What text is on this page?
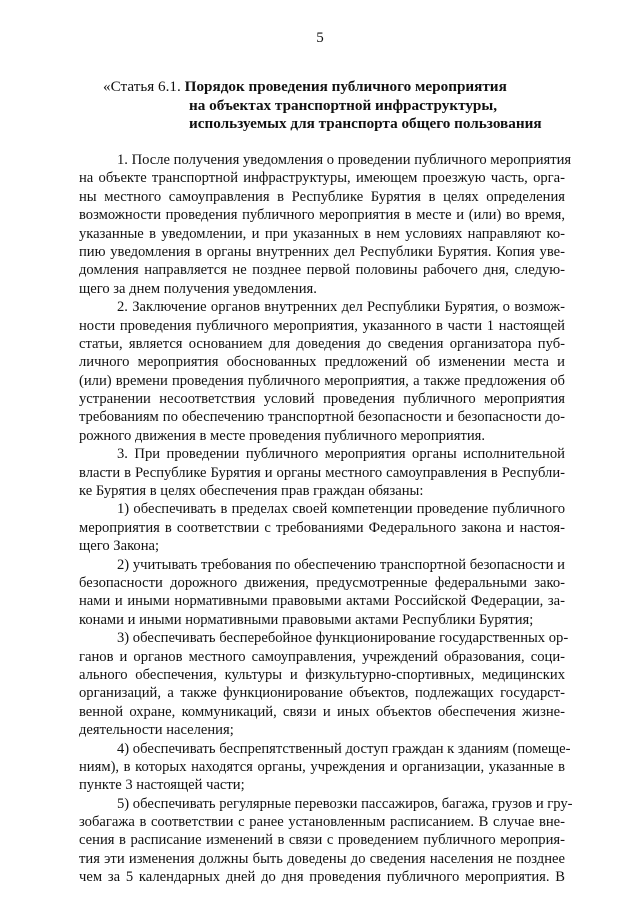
5
«Статья 6.1. Порядок проведения публичного мероприятия
на объектах транспортной инфраструктуры,
используемых для транспорта общего пользования
1. После получения уведомления о проведении публичного мероприятия
на объекте транспортной инфраструктуры, имеющем проезжую часть, орга-
ны местного самоуправления в Республике Бурятия в целях определения
возможности проведения публичного мероприятия в месте и (или) во время,
указанные в уведомлении, и при указанных в нем условиях направляют ко-
пию уведомления в органы внутренних дел Республики Бурятия. Копия уве-
домления направляется не позднее первой половины рабочего дня, следую-
щего за днем получения уведомления.
2. Заключение органов внутренних дел Республики Бурятия, о возмож-
ности проведения публичного мероприятия, указанного в части 1 настоящей
статьи, является основанием для доведения до сведения организатора пуб-
личного мероприятия обоснованных предложений об изменении места и
(или) времени проведения публичного мероприятия, а также предложения об
устранении несоответствия условий проведения публичного мероприятия
требованиям по обеспечению транспортной безопасности и безопасности до-
рожного движения в месте проведения публичного мероприятия.
3. При проведении публичного мероприятия органы исполнительной
власти в Республике Бурятия и органы местного самоуправления в Республи-
ке Бурятия в целях обеспечения прав граждан обязаны:
1) обеспечивать в пределах своей компетенции проведение публичного
мероприятия в соответствии с требованиями Федерального закона и настоя-
щего Закона;
2) учитывать требования по обеспечению транспортной безопасности и
безопасности дорожного движения, предусмотренные федеральными зако-
нами и иными нормативными правовыми актами Российской Федерации, за-
конами и иными нормативными правовыми актами Республики Бурятия;
3) обеспечивать бесперебойное функционирование государственных ор-
ганов и органов местного самоуправления, учреждений образования, соци-
ального обеспечения, культуры и физкультурно-спортивных, медицинских
организаций, а также функционирование объектов, подлежащих государст-
венной охране, коммуникаций, связи и иных объектов обеспечения жизне-
деятельности населения;
4) обеспечивать беспрепятственный доступ граждан к зданиям (помеще-
ниям), в которых находятся органы, учреждения и организации, указанные в
пункте 3 настоящей части;
5) обеспечивать регулярные перевозки пассажиров, багажа, грузов и гру-
зобагажа в соответствии с ранее установленным расписанием. В случае вне-
сения в расписание изменений в связи с проведением публичного мероприя-
тия эти изменения должны быть доведены до сведения населения не позднее
чем за 5 календарных дней до дня проведения публичного мероприятия. В
